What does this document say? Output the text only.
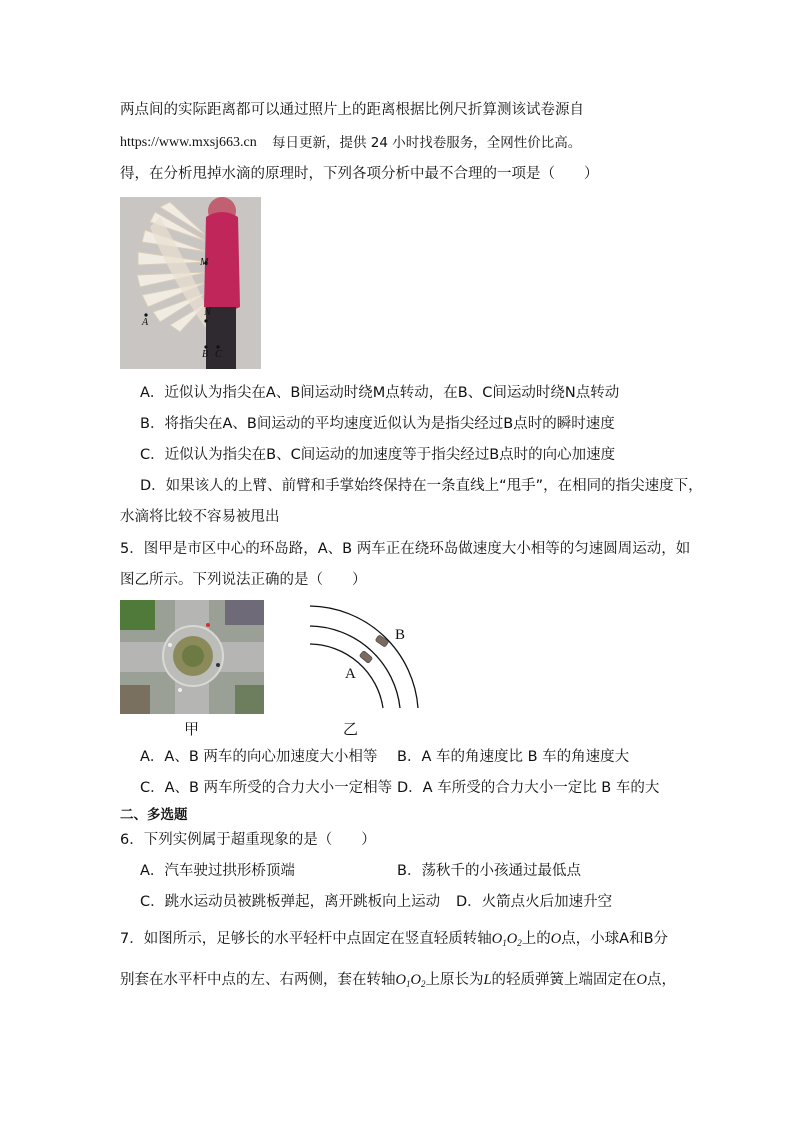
两点间的实际距离都可以通过照片上的距离根据比例尺折算测该试卷源自
https://www.mxsj663.cn 每日更新，提供 24 小时找卷服务，全网性价比高。
得，在分析甩掉水滴的原理时，下列各项分析中最不合理的一项是（　　）
M
N
A
B C
A．近似认为指尖在A、B间运动时绕M点转动，在B、C间运动时绕N点转动
B．将指尖在A、B间运动的平均速度近似认为是指尖经过B点时的瞬时速度
C．近似认为指尖在B、C间运动的加速度等于指尖经过B点时的向心加速度
D．如果该人的上臂、前臂和手掌始终保持在一条直线上“甩手”，在相同的指尖速度下，
水滴将比较不容易被甩出
5．图甲是市区中心的环岛路，A、B 两车正在绕环岛做速度大小相等的匀速圆周运动，如
图乙所示。下列说法正确的是（　　）
甲
A
B
乙
A．A、B 两车的向心加速度大小相等 B．A 车的角速度比 B 车的角速度大
C．A、B 两车所受的合力大小一定相等 D．A 车所受的合力大小一定比 B 车的大
二、多选题
6．下列实例属于超重现象的是（　　）
A．汽车驶过拱形桥顶端	B．荡秋千的小孩通过最低点
C．跳水运动员被跳板弹起，离开跳板向上运动 D．火箭点火后加速升空
7．如图所示，足够长的水平轻杆中点固定在竖直轻质转轴$O_1O_2$上的O点，小球A和B分
别套在水平杆中点的左、右两侧，套在转轴$O_1O_2$上原长为L的轻质弹簧上端固定在O点，
